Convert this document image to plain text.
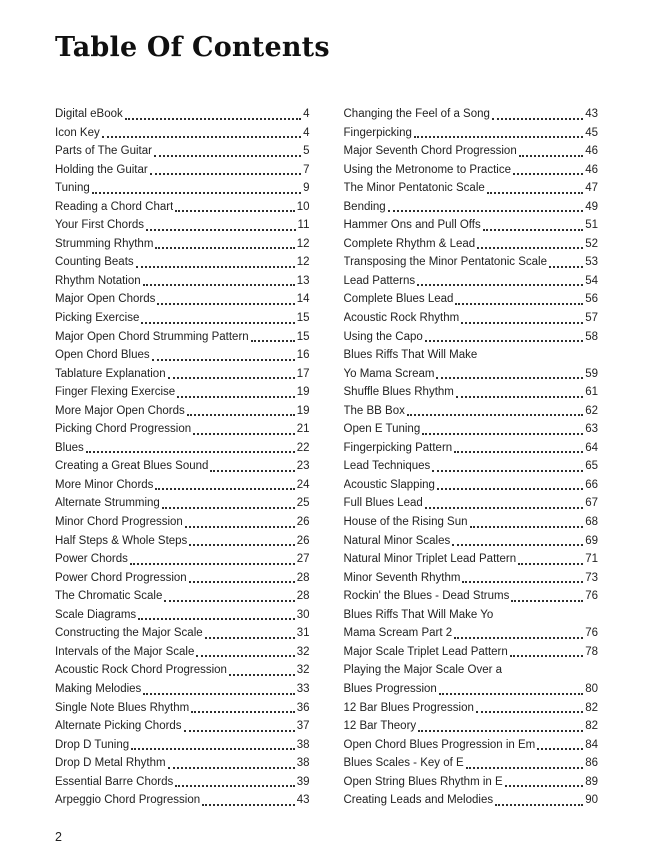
Table Of Contents
Digital eBook	4
Icon Key	4
Parts of The Guitar	5
Holding the Guitar	7
Tuning	9
Reading a Chord Chart	10
Your First Chords	11
Strumming Rhythm	12
Counting Beats	12
Rhythm Notation	13
Major Open Chords	14
Picking Exercise	15
Major Open Chord Strumming Pattern	15
Open Chord Blues	16
Tablature Explanation	17
Finger Flexing Exercise	19
More Major Open Chords	19
Picking Chord Progression	21
Blues	22
Creating a Great Blues Sound	23
More Minor Chords	24
Alternate Strumming	25
Minor Chord Progression	26
Half Steps & Whole Steps	26
Power Chords	27
Power Chord Progression	28
The Chromatic Scale	28
Scale Diagrams	30
Constructing the Major Scale	31
Intervals of the Major Scale	32
Acoustic Rock Chord Progression	32
Making Melodies	33
Single Note Blues Rhythm	36
Alternate Picking Chords	37
Drop D Tuning	38
Drop D Metal Rhythm	38
Essential Barre Chords	39
Arpeggio Chord Progression	43
Changing the Feel of a Song	43
Fingerpicking	45
Major Seventh Chord Progression	46
Using the Metronome to Practice	46
The Minor Pentatonic Scale	47
Bending	49
Hammer Ons and Pull Offs	51
Complete Rhythm & Lead	52
Transposing the Minor Pentatonic Scale	53
Lead Patterns	54
Complete Blues Lead	56
Acoustic Rock Rhythm	57
Using the Capo	58
Blues Riffs That Will Make
Yo Mama Scream	59
Shuffle Blues Rhythm	61
The BB Box	62
Open E Tuning	63
Fingerpicking Pattern	64
Lead Techniques	65
Acoustic Slapping	66
Full Blues Lead	67
House of the Rising Sun	68
Natural Minor Scales	69
Natural Minor Triplet Lead Pattern	71
Minor Seventh Rhythm	73
Rockin' the Blues - Dead Strums	76
Blues Riffs That Will Make Yo
Mama Scream Part 2	76
Major Scale Triplet Lead Pattern	78
Playing the Major Scale Over a
Blues Progression	80
12 Bar Blues Progression	82
12 Bar Theory	82
Open Chord Blues Progression in Em	84
Blues Scales - Key of E	86
Open String Blues Rhythm in E	89
Creating Leads and Melodies	90
2
